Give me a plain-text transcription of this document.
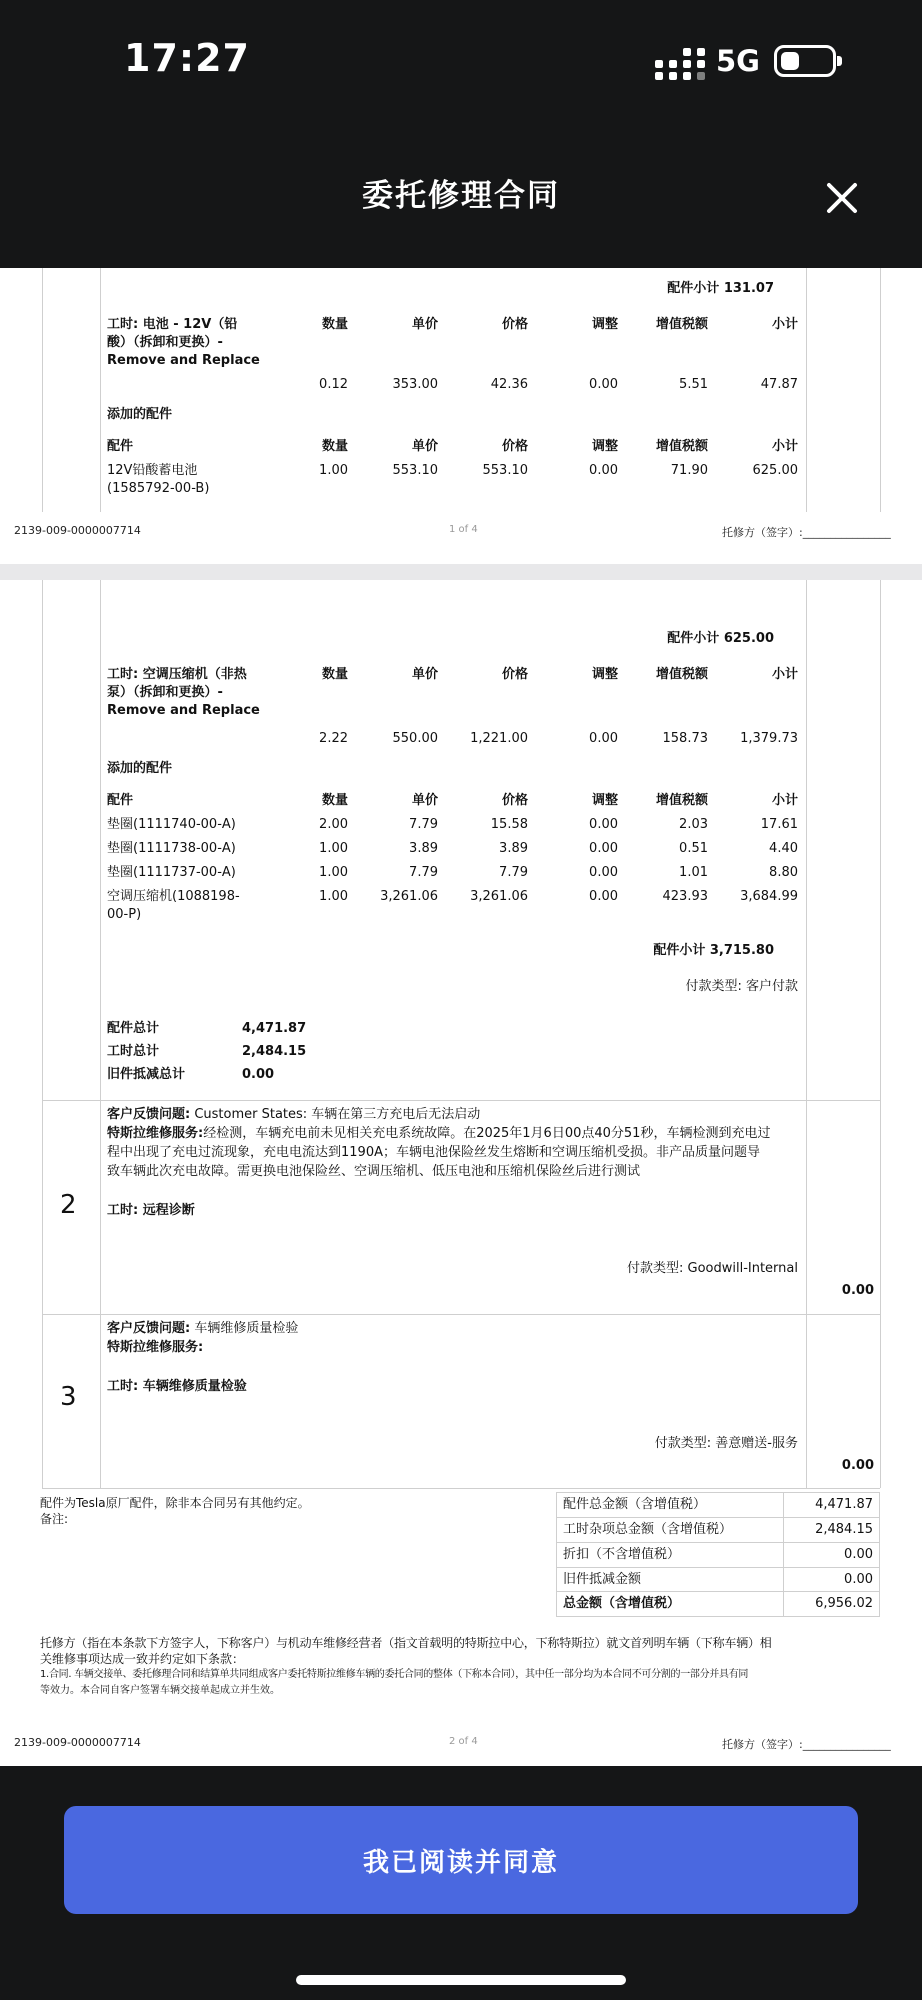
17:27	5G
委托修理合同
配件小计 131.07
工时: 电池 - 12V（铅
酸）（拆卸和更换）-
Remove and Replace
数量	单价	价格	调整	增值税额	小计
0.12	353.00	42.36	0.00	5.51	47.87
添加的配件
配件	数量	单价	价格	调整	增值税额	小计
12V铅酸蓄电池
(1585792-00-B)
1.00	553.10	553.10	0.00	71.90	625.00
2139-009-0000007714	1 of 4	托修方（签字）:________________
配件小计 625.00
工时: 空调压缩机（非热
泵）（拆卸和更换）-
Remove and Replace
数量	单价	价格	调整	增值税额	小计
2.22	550.00	1,221.00	0.00	158.73	1,379.73
添加的配件
配件	数量	单价	价格	调整	增值税额	小计
垫圈(1111740-00-A)	2.00	7.79	15.58	0.00	2.03	17.61
垫圈(1111738-00-A)	1.00	3.89	3.89	0.00	0.51	4.40
垫圈(1111737-00-A)	1.00	7.79	7.79	0.00	1.01	8.80
空调压缩机(1088198-
00-P)
1.00	3,261.06	3,261.06	0.00	423.93	3,684.99
配件小计 3,715.80
付款类型: 客户付款
配件总计	4,471.87
工时总计	2,484.15
旧件抵减总计	0.00
2
客户反馈问题: Customer States: 车辆在第三方充电后无法启动
特斯拉维修服务:经检测，车辆充电前未见相关充电系统故障。在2025年1月6日00点40分51秒，车辆检测到充电过
程中出现了充电过流现象，充电电流达到1190A；车辆电池保险丝发生熔断和空调压缩机受损。非产品质量问题导
致车辆此次充电故障。需更换电池保险丝、空调压缩机、低压电池和压缩机保险丝后进行测试
工时: 远程诊断
付款类型: Goodwill-Internal
0.00
3
客户反馈问题: 车辆维修质量检验
特斯拉维修服务:
工时: 车辆维修质量检验
付款类型: 善意赠送-服务
0.00
配件为Tesla原厂配件，除非本合同另有其他约定。
备注:
配件总金额（含增值税）	4,471.87
工时杂项总金额（含增值税）	2,484.15
折扣（不含增值税）	0.00
旧件抵减金额	0.00
总金额（含增值税）	6,956.02
托修方（指在本条款下方签字人，下称客户）与机动车维修经营者（指文首载明的特斯拉中心，下称特斯拉）就文首列明车辆（下称车辆）相
关维修事项达成一致并约定如下条款：
1.合同. 车辆交接单、委托修理合同和结算单共同组成客户委托特斯拉维修车辆的委托合同的整体（下称本合同），其中任一部分均为本合同不可分割的一部分并具有同
等效力。本合同自客户签署车辆交接单起成立并生效。
2139-009-0000007714	2 of 4	托修方（签字）:________________
我已阅读并同意
